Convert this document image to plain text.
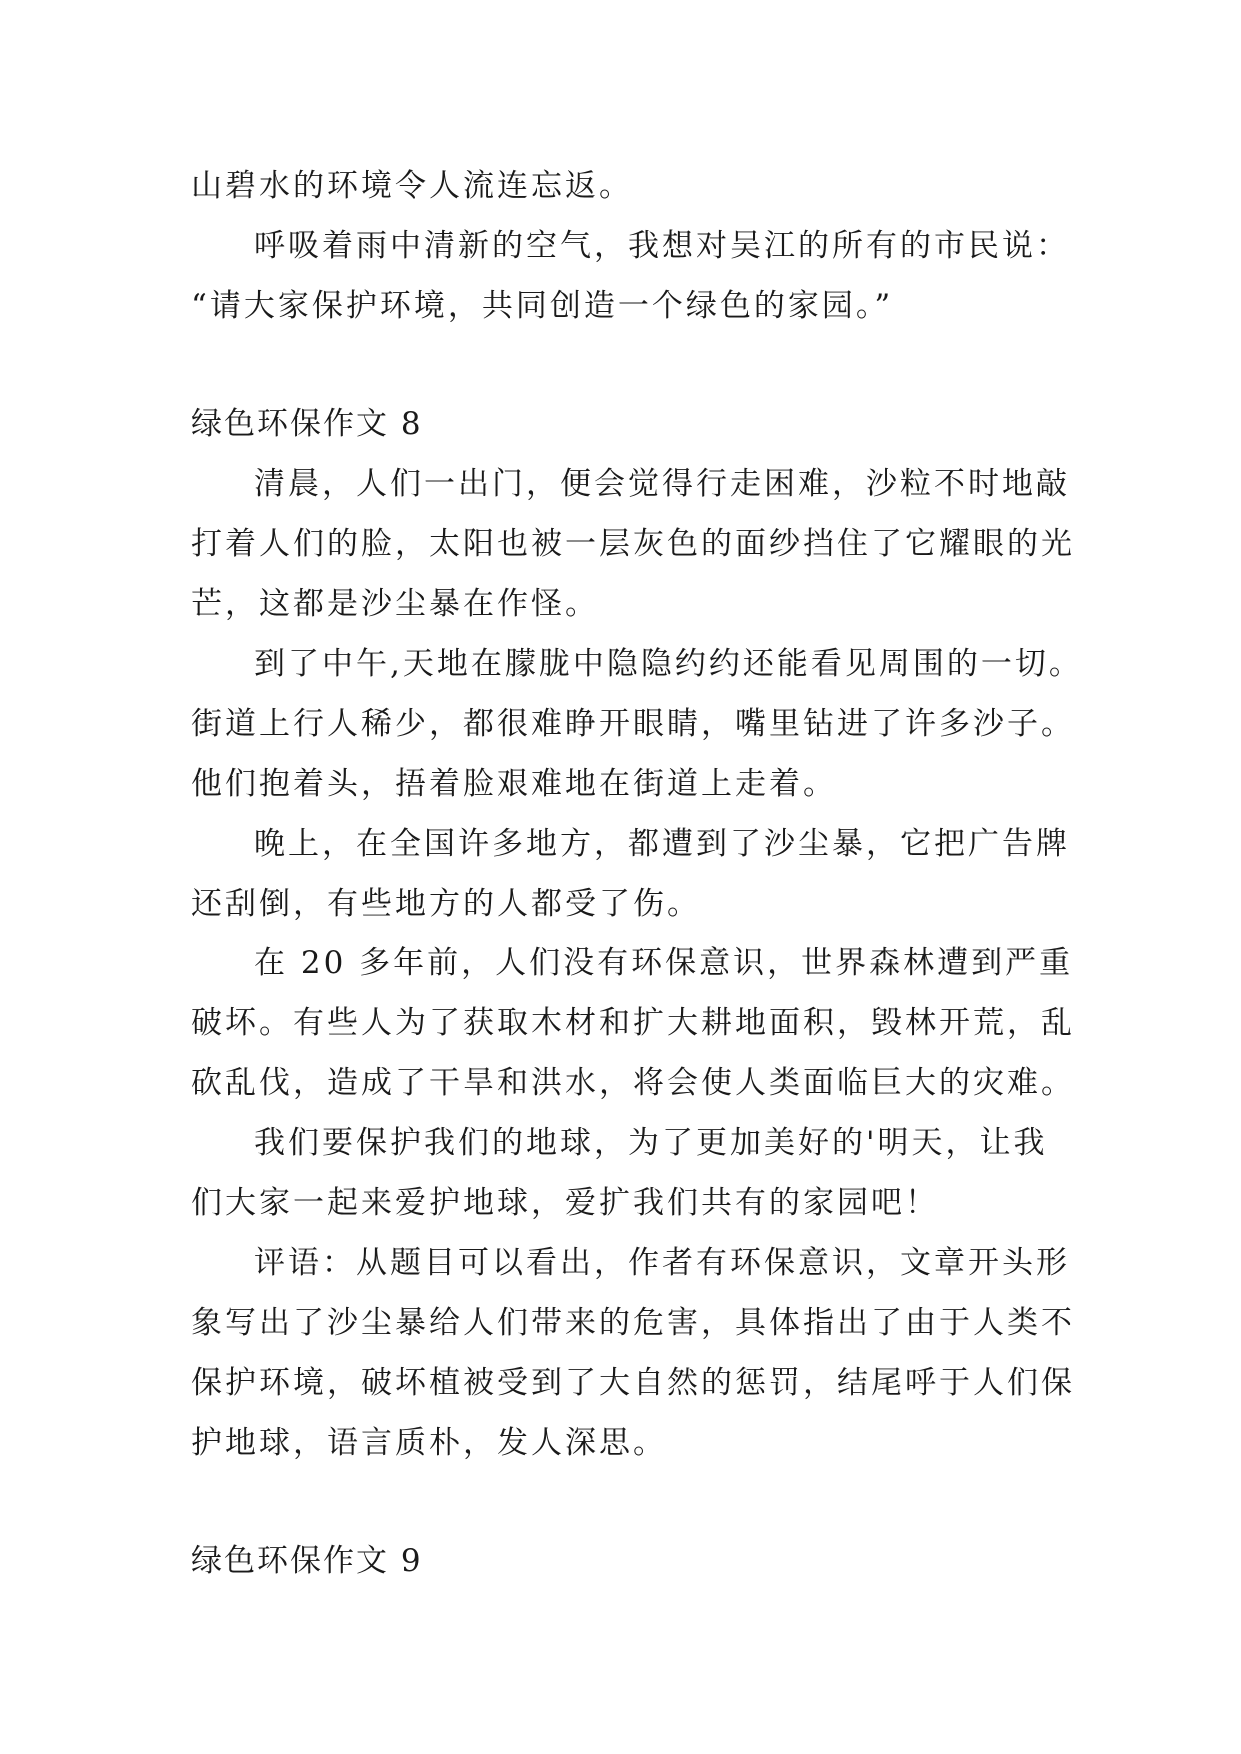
山碧水的环境令人流连忘返。
呼吸着雨中清新的空气，我想对吴江的所有的市民说：
“请大家保护环境，共同创造一个绿色的家园。”
绿色环保作文 8
清晨，人们一出门，便会觉得行走困难，沙粒不时地敲
打着人们的脸，太阳也被一层灰色的面纱挡住了它耀眼的光
芒，这都是沙尘暴在作怪。
到了中午,天地在朦胧中隐隐约约还能看见周围的一切。
街道上行人稀少，都很难睁开眼睛，嘴里钻进了许多沙子。
他们抱着头，捂着脸艰难地在街道上走着。
晚上，在全国许多地方，都遭到了沙尘暴，它把广告牌
还刮倒，有些地方的人都受了伤。
在 20 多年前，人们没有环保意识，世界森林遭到严重
破坏。有些人为了获取木材和扩大耕地面积，毁林开荒，乱
砍乱伐，造成了干旱和洪水，将会使人类面临巨大的灾难。
我们要保护我们的地球，为了更加美好的'明天，让我
们大家一起来爱护地球，爱扩我们共有的家园吧！
评语：从题目可以看出，作者有环保意识，文章开头形
象写出了沙尘暴给人们带来的危害，具体指出了由于人类不
保护环境，破坏植被受到了大自然的惩罚，结尾呼于人们保
护地球，语言质朴，发人深思。
绿色环保作文 9
